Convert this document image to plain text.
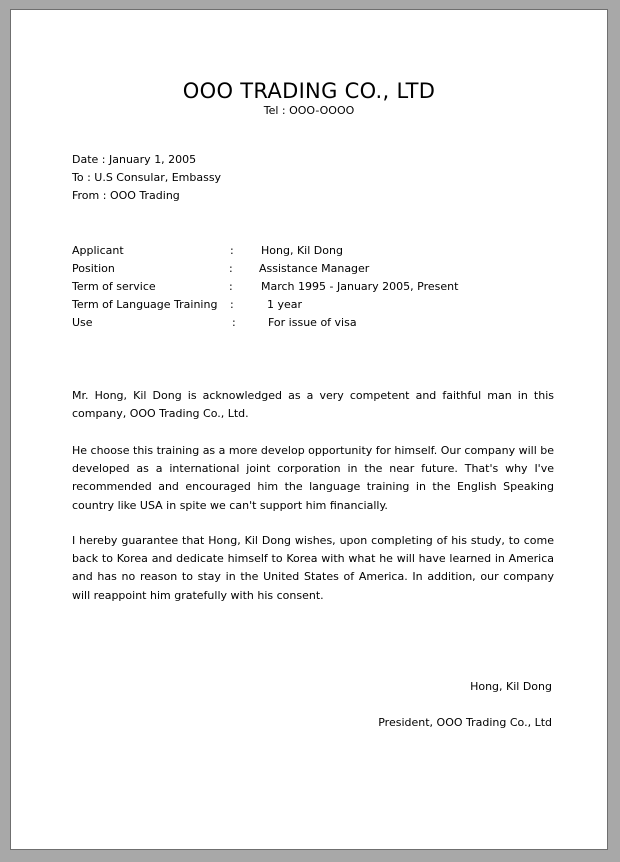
OOO TRADING CO., LTD
Tel : OOO-OOOO
Date : January 1, 2005
To : U.S Consular, Embassy
From : OOO Trading
Applicant	: Hong, Kil Dong
Position	: Assistance Manager
Term of service	:	March 1995 - January 2005, Present
Term of Language Training :	1 year
Use	:	For issue of visa
Mr. Hong, Kil Dong is acknowledged as a very competent and faithful man in this company, OOO Trading Co., Ltd.
He choose this training as a more develop opportunity for himself. Our company will be developed as a international joint corporation in the near future. That's why I've recommended and encouraged him the language training in the English Speaking country like USA in spite we can't support him financially.
I hereby guarantee that Hong, Kil Dong wishes, upon completing of his study, to come back to Korea and dedicate himself to Korea with what he will have learned in America and has no reason to stay in the United States of America. In addition, our company will reappoint him gratefully with his consent.
Hong, Kil Dong
President, OOO Trading Co., Ltd
